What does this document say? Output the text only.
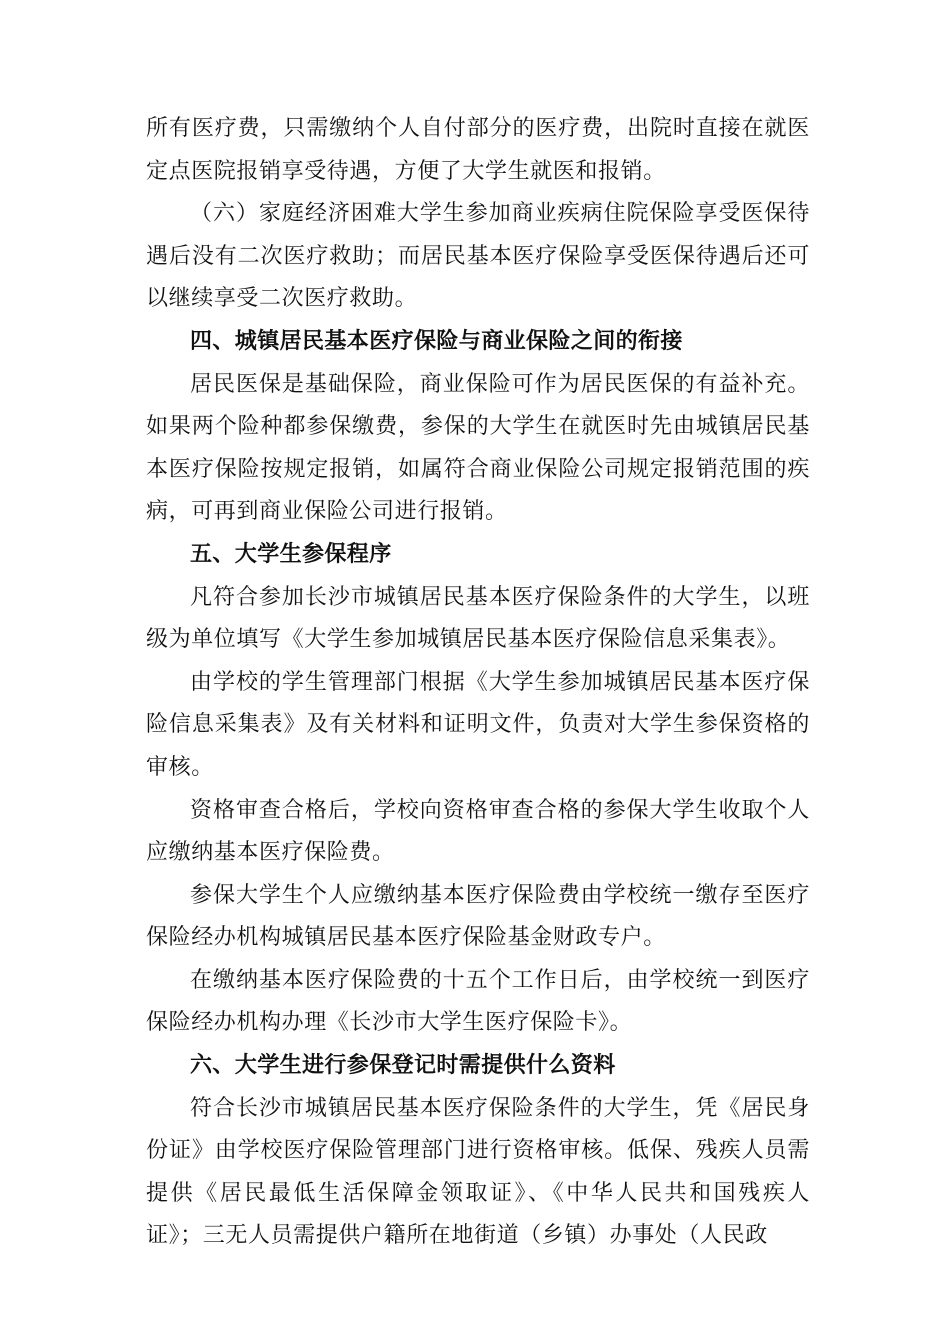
所有医疗费，只需缴纳个人自付部分的医疗费，出院时直接在就医定点医院报销享受待遇，方便了大学生就医和报销。

（六）家庭经济困难大学生参加商业疾病住院保险享受医保待遇后没有二次医疗救助；而居民基本医疗保险享受医保待遇后还可以继续享受二次医疗救助。

四、城镇居民基本医疗保险与商业保险之间的衔接

居民医保是基础保险，商业保险可作为居民医保的有益补充。如果两个险种都参保缴费，参保的大学生在就医时先由城镇居民基本医疗保险按规定报销，如属符合商业保险公司规定报销范围的疾病，可再到商业保险公司进行报销。

五、大学生参保程序

凡符合参加长沙市城镇居民基本医疗保险条件的大学生，以班级为单位填写《大学生参加城镇居民基本医疗保险信息采集表》。

由学校的学生管理部门根据《大学生参加城镇居民基本医疗保险信息采集表》及有关材料和证明文件，负责对大学生参保资格的审核。

资格审查合格后，学校向资格审查合格的参保大学生收取个人应缴纳基本医疗保险费。

参保大学生个人应缴纳基本医疗保险费由学校统一缴存至医疗保险经办机构城镇居民基本医疗保险基金财政专户。

在缴纳基本医疗保险费的十五个工作日后，由学校统一到医疗保险经办机构办理《长沙市大学生医疗保险卡》。

六、大学生进行参保登记时需提供什么资料

符合长沙市城镇居民基本医疗保险条件的大学生，凭《居民身份证》由学校医疗保险管理部门进行资格审核。低保、残疾人员需提供《居民最低生活保障金领取证》、《中华人民共和国残疾人证》；三无人员需提供户籍所在地街道（乡镇）办事处（人民政
